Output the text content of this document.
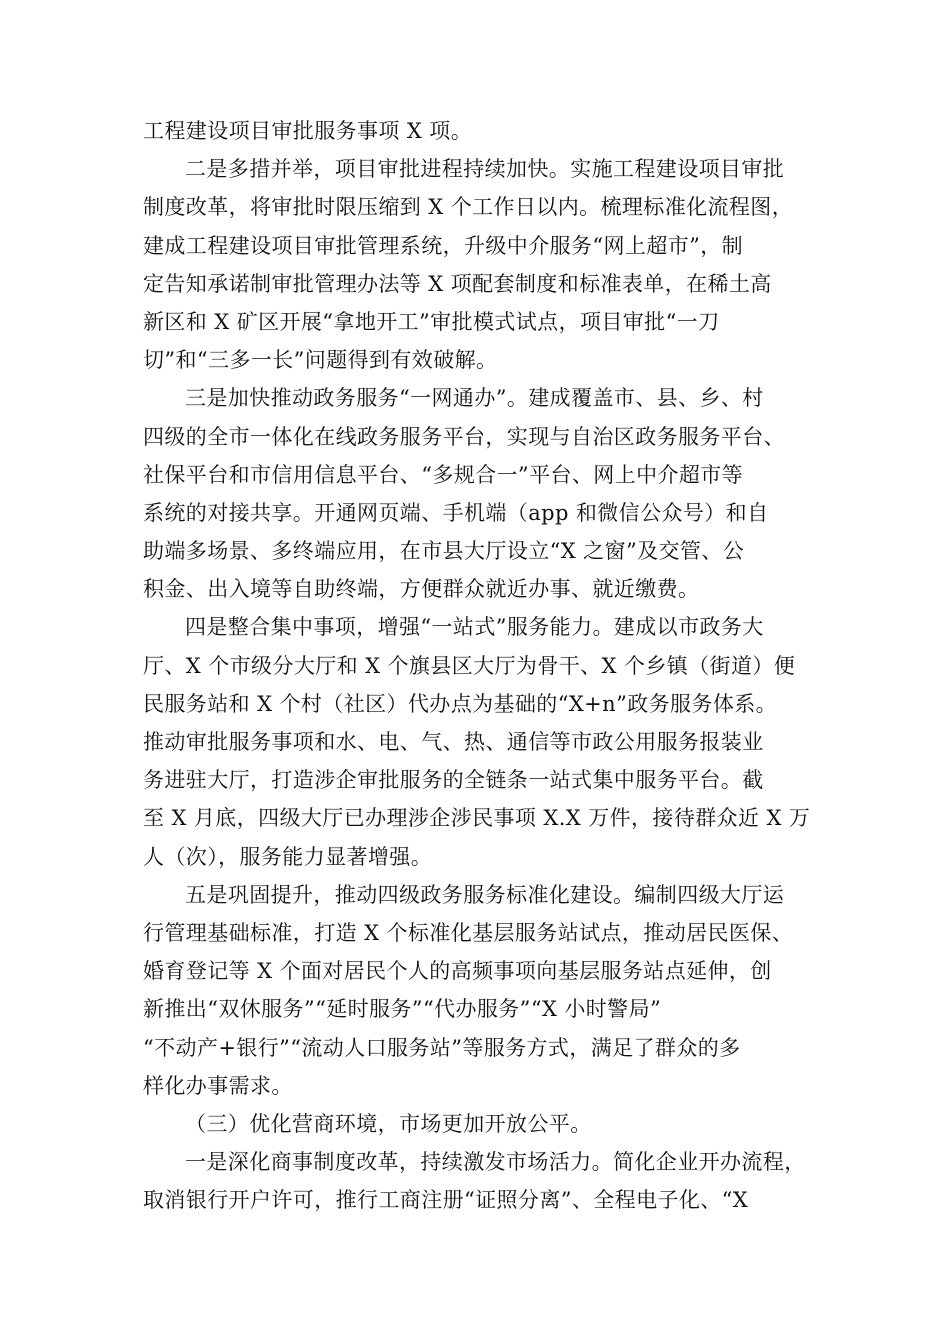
工程建设项目审批服务事项 X 项。
二是多措并举，项目审批进程持续加快。实施工程建设项目审批
制度改革，将审批时限压缩到 X 个工作日以内。梳理标准化流程图，
建成工程建设项目审批管理系统，升级中介服务“网上超市”，制
定告知承诺制审批管理办法等 X 项配套制度和标准表单，在稀土高
新区和 X 矿区开展“拿地开工”审批模式试点，项目审批“一刀
切”和“三多一长”问题得到有效破解。
三是加快推动政务服务“一网通办”。建成覆盖市、县、乡、村
四级的全市一体化在线政务服务平台，实现与自治区政务服务平台、
社保平台和市信用信息平台、“多规合一”平台、网上中介超市等
系统的对接共享。开通网页端、手机端（app 和微信公众号）和自
助端多场景、多终端应用，在市县大厅设立“X 之窗”及交管、公
积金、出入境等自助终端，方便群众就近办事、就近缴费。
四是整合集中事项，增强“一站式”服务能力。建成以市政务大
厅、X 个市级分大厅和 X 个旗县区大厅为骨干、X 个乡镇（街道）便
民服务站和 X 个村（社区）代办点为基础的“X+n”政务服务体系。
推动审批服务事项和水、电、气、热、通信等市政公用服务报装业
务进驻大厅，打造涉企审批服务的全链条一站式集中服务平台。截
至 X 月底，四级大厅已办理涉企涉民事项 X.X 万件，接待群众近 X 万
人（次），服务能力显著增强。
五是巩固提升，推动四级政务服务标准化建设。编制四级大厅运
行管理基础标准，打造 X 个标准化基层服务站试点，推动居民医保、
婚育登记等 X 个面对居民个人的高频事项向基层服务站点延伸，创
新推出“双休服务”“延时服务”“代办服务”“X 小时警局”
“不动产+银行”“流动人口服务站”等服务方式，满足了群众的多
样化办事需求。
（三）优化营商环境，市场更加开放公平。
一是深化商事制度改革，持续激发市场活力。简化企业开办流程，
取消银行开户许可，推行工商注册“证照分离”、全程电子化、“X
